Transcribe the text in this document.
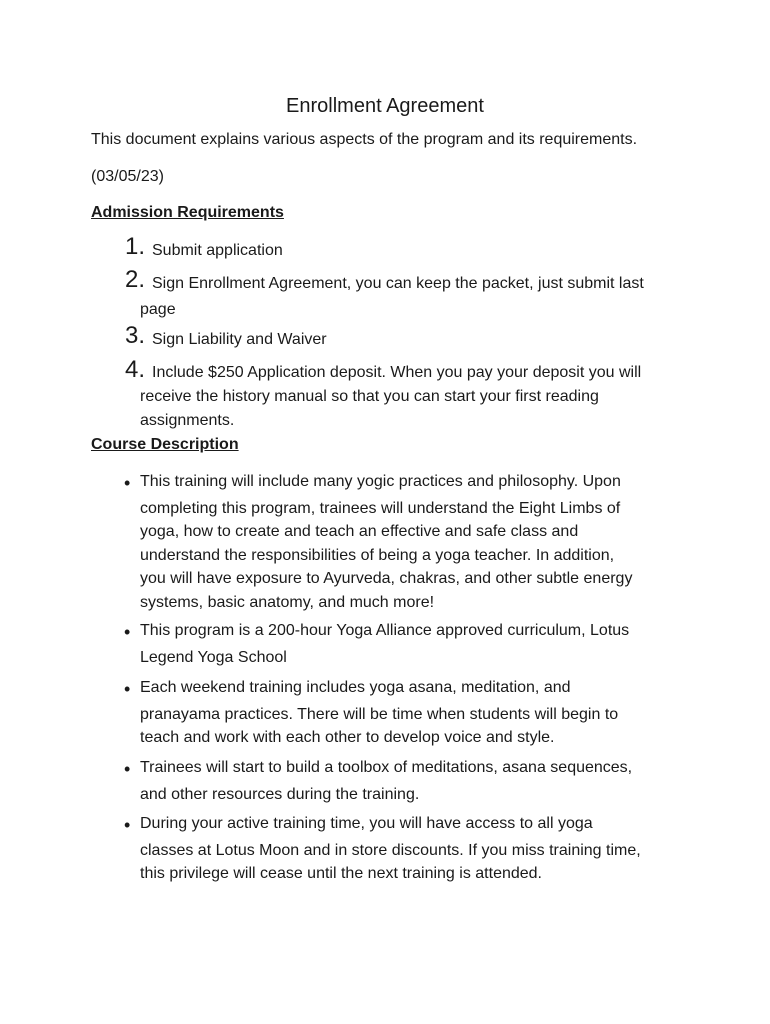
Enrollment Agreement
This document explains various aspects of the program and its requirements.
(03/05/23)
Admission Requirements
1. Submit application
2. Sign Enrollment Agreement, you can keep the packet, just submit last
page
3. Sign Liability and Waiver
4. Include $250 Application deposit. When you pay your deposit you will
receive the history manual so that you can start your first reading
assignments.
Course Description
• This training will include many yogic practices and philosophy. Upon
completing this program, trainees will understand the Eight Limbs of
yoga, how to create and teach an effective and safe class and
understand the responsibilities of being a yoga teacher. In addition,
you will have exposure to Ayurveda, chakras, and other subtle energy
systems, basic anatomy, and much more!
• This program is a 200-hour Yoga Alliance approved curriculum, Lotus
Legend Yoga School
• Each weekend training includes yoga asana, meditation, and
pranayama practices. There will be time when students will begin to
teach and work with each other to develop voice and style.
• Trainees will start to build a toolbox of meditations, asana sequences,
and other resources during the training.
• During your active training time, you will have access to all yoga
classes at Lotus Moon and in store discounts. If you miss training time,
this privilege will cease until the next training is attended.
